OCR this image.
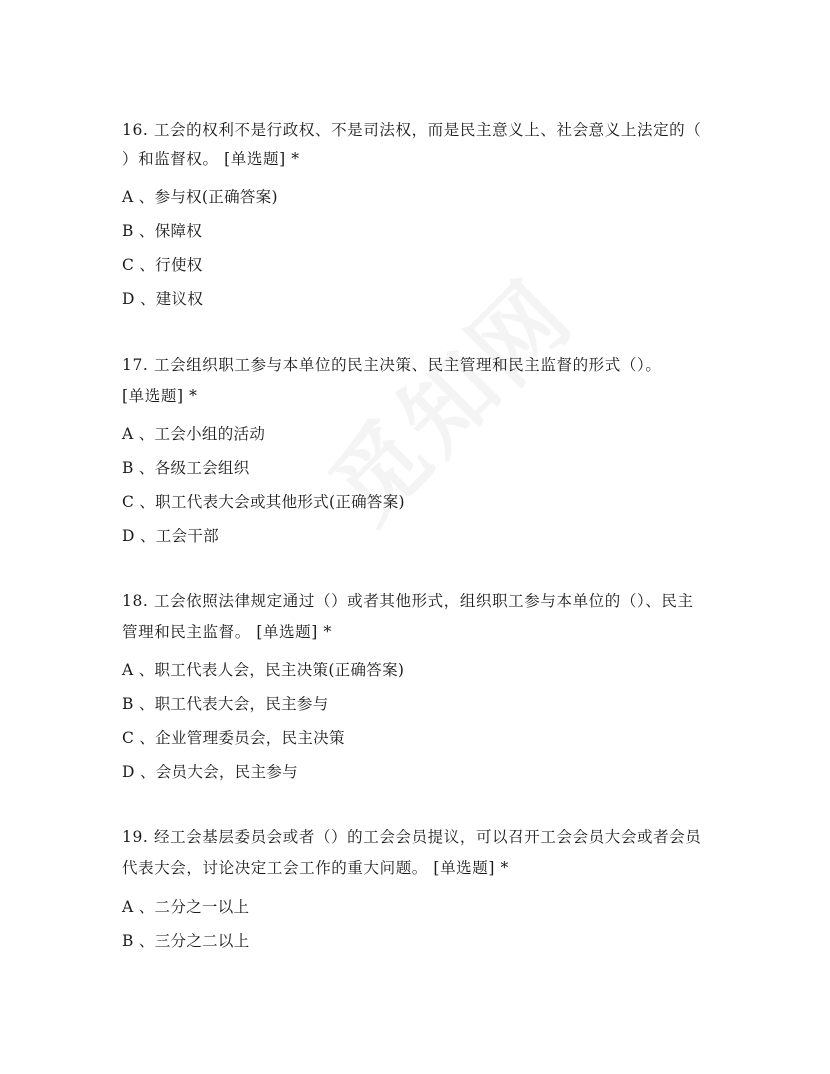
16. 工会的权利不是行政权、不是司法权，而是民主意义上、社会意义上法定的（
）和监督权。 [单选题] *
A 、参与权(正确答案)
B 、保障权
C 、行使权
D 、建议权
17. 工会组织职工参与本单位的民主决策、民主管理和民主监督的形式（）。
[单选题] *
A 、工会小组的活动
B 、各级工会组织
C 、职工代表大会或其他形式(正确答案)
D 、工会干部
18. 工会依照法律规定通过（）或者其他形式，组织职工参与本单位的（）、民主
管理和民主监督。 [单选题] *
A 、职工代表人会，民主决策(正确答案)
B 、职工代表大会，民主参与
C 、企业管理委员会，民主决策
D 、会员大会，民主参与
19. 经工会基层委员会或者（）的工会会员提议，可以召开工会会员大会或者会员
代表大会，讨论决定工会工作的重大问题。 [单选题] *
A 、二分之一以上
B 、三分之二以上
